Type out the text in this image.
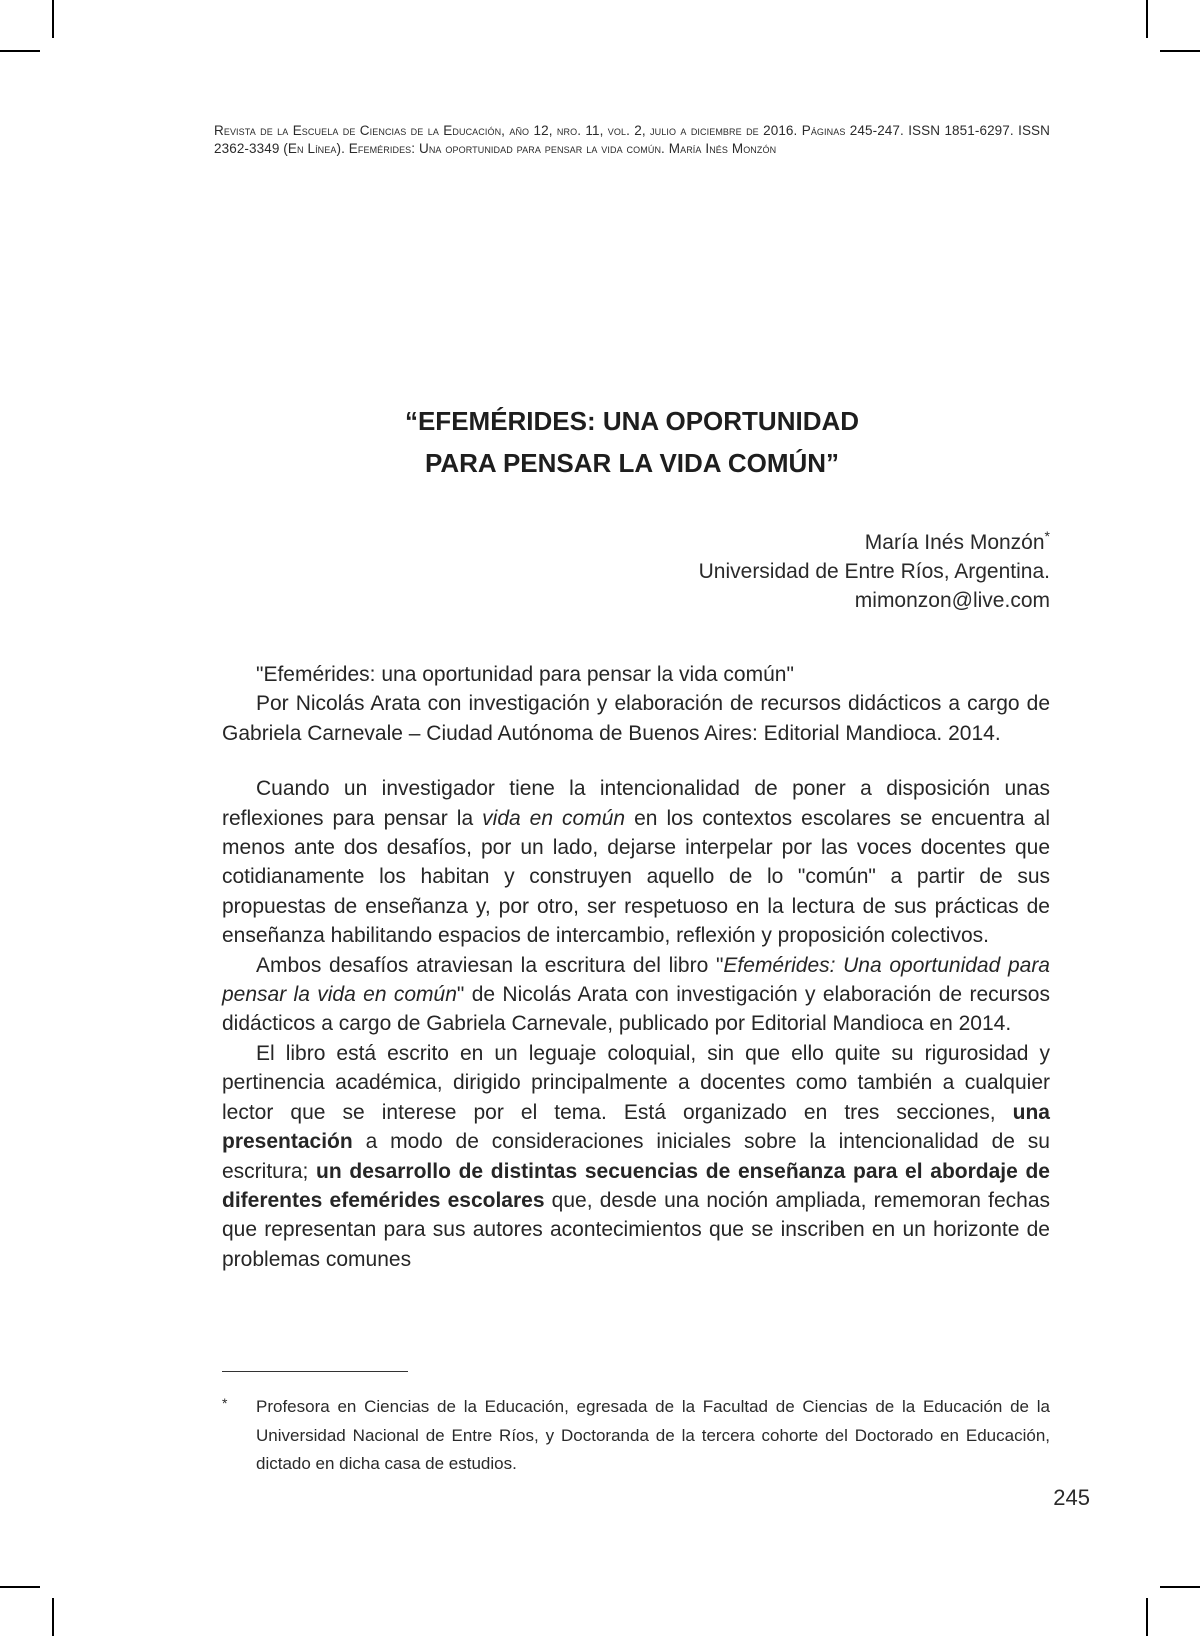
Revista de la Escuela de Ciencias de la Educación, año 12, nro. 11, vol. 2, julio a diciembre de 2016. Páginas 245-247. ISSN 1851-6297. ISSN 2362-3349 (En Línea). Efemérides: Una oportunidad para pensar la vida común. María Inés Monzón
“EFEMÉRIDES: UNA OPORTUNIDAD
PARA PENSAR LA VIDA COMÚN”
María Inés Monzón*
Universidad de Entre Ríos, Argentina.
mimonzon@live.com

"Efemérides: una oportunidad para pensar la vida común"

Por Nicolás Arata con investigación y elaboración de recursos didácticos a cargo de Gabriela Carnevale – Ciudad Autónoma de Buenos Aires: Editorial Mandioca. 2014.

Cuando un investigador tiene la intencionalidad de poner a disposición unas reflexiones para pensar la vida en común en los contextos escolares se encuentra al menos ante dos desafíos, por un lado, dejarse interpelar por las voces docentes que cotidianamente los habitan y construyen aquello de lo "común" a partir de sus propuestas de enseñanza y, por otro, ser respetuoso en la lectura de sus prácticas de enseñanza habilitando espacios de intercambio, reflexión y proposición colectivos.

Ambos desafíos atraviesan la escritura del libro "Efemérides: Una oportunidad para pensar la vida en común" de Nicolás Arata con investigación y elaboración de recursos didácticos a cargo de Gabriela Carnevale, publicado por Editorial Mandioca en 2014.

El libro está escrito en un leguaje coloquial, sin que ello quite su rigurosidad y pertinencia académica, dirigido principalmente a docentes como también a cualquier lector que se interese por el tema. Está organizado en tres secciones, una presentación a modo de consideraciones iniciales sobre la intencionalidad de su escritura; un desarrollo de distintas secuencias de enseñanza para el abordaje de diferentes efemérides escolares que, desde una noción ampliada, rememoran fechas que representan para sus autores acontecimientos que se inscriben en un horizonte de problemas comunes

* Profesora en Ciencias de la Educación, egresada de la Facultad de Ciencias de la Educación de la Universidad Nacional de Entre Ríos, y Doctoranda de la tercera cohorte del Doctorado en Educación, dictado en dicha casa de estudios.
245
